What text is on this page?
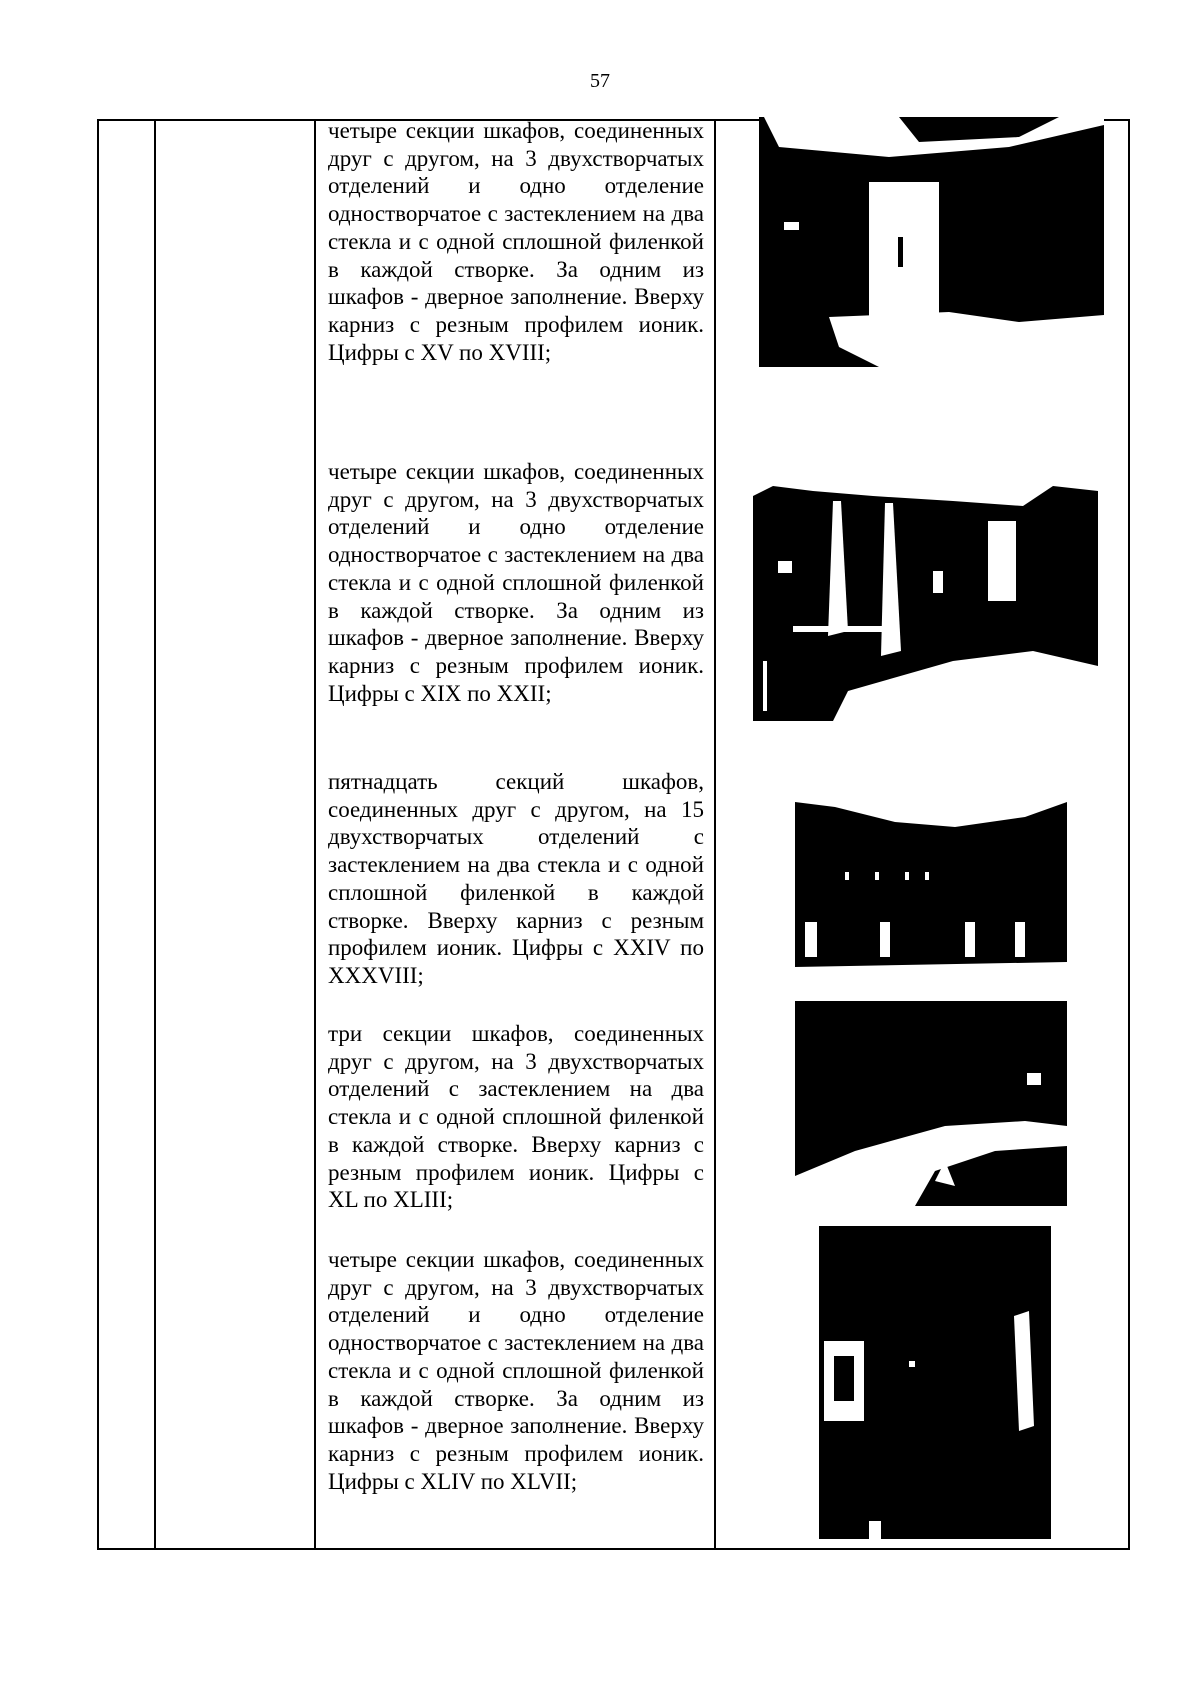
57
четыре секции шкафов, соединенных друг с другом, на 3 двухстворчатых отделений и одно отделение одностворчатое с застеклением на два стекла и с одной сплошной филенкой в каждой створке. За одним из шкафов - дверное заполнение. Вверху карниз с резным профилем ионик. Цифры с XV по XVIII;
четыре секции шкафов, соединенных друг с другом, на 3 двухстворчатых отделений и одно отделение одностворчатое с застеклением на два стекла и с одной сплошной филенкой в каждой створке. За одним из шкафов - дверное заполнение. Вверху карниз с резным профилем ионик. Цифры с XIX по XXII;
пятнадцать секций шкафов, соединенных друг с другом, на 15 двухстворчатых отделений с застеклением на два стекла и с одной сплошной филенкой в каждой створке. Вверху карниз с резным профилем ионик. Цифры с XXIV по XXXVIII;
три секции шкафов, соединенных друг с другом, на 3 двухстворчатых отделений с застеклением на два стекла и с одной сплошной филенкой в каждой створке. Вверху карниз с резным профилем ионик. Цифры с XL по XLIII;
четыре секции шкафов, соединенных друг с другом, на 3 двухстворчатых отделений и одно отделение одностворчатое с застеклением на два стекла и с одной сплошной филенкой в каждой створке. За одним из шкафов - дверное заполнение. Вверху карниз с резным профилем ионик. Цифры с XLIV по XLVII;
